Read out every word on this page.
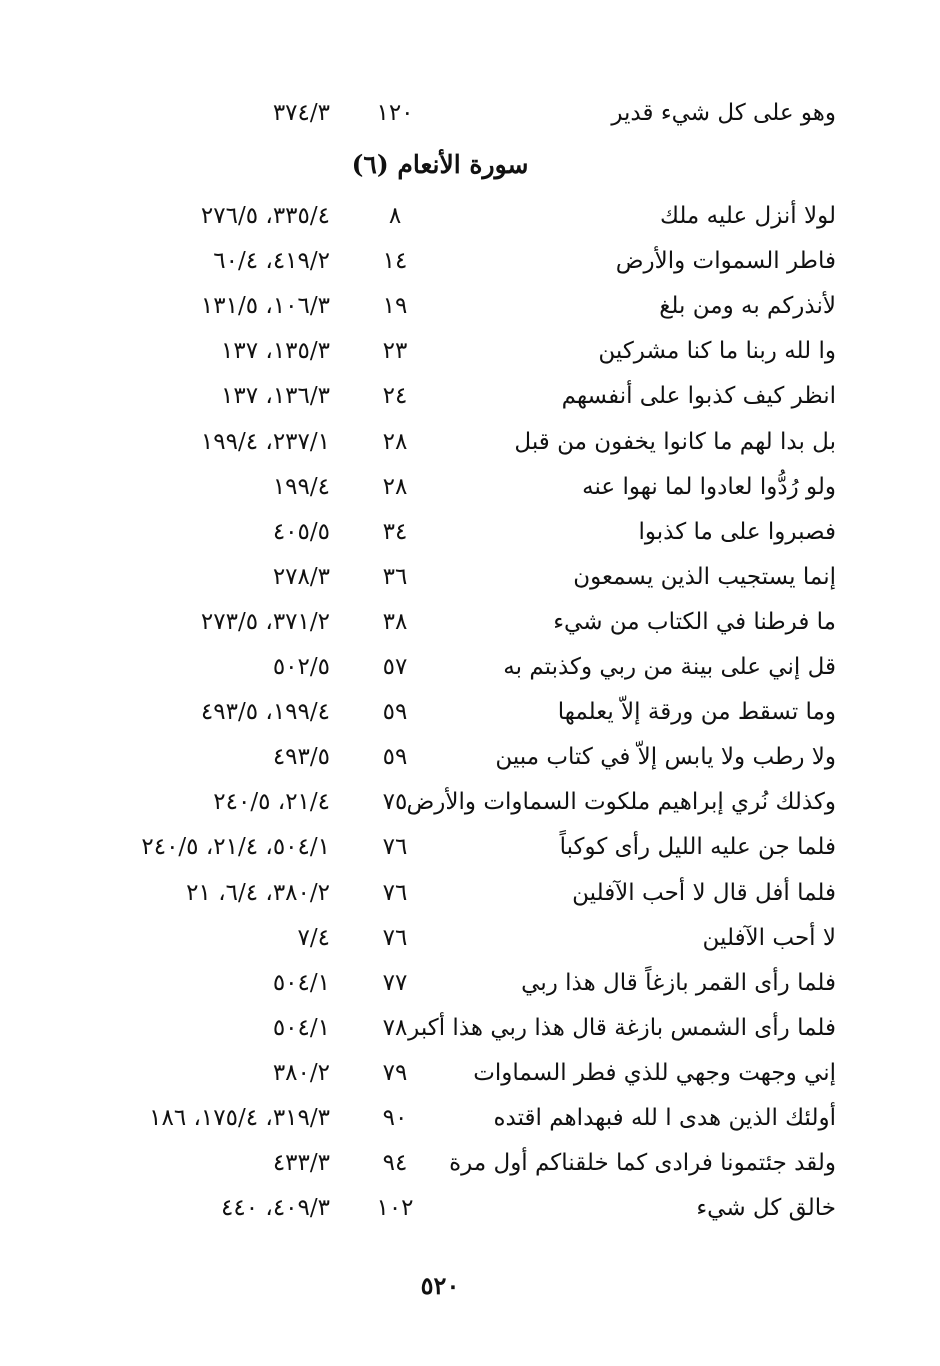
وهو على كل شيء قدير
١٢٠
٣٧٤/٣
سورة الأنعام (٦)
لولا أنزل عليه ملك
٨
٣٣٥/٤، ٢٧٦/٥
فاطر السموات والأرض
١٤
٤١٩/٢، ٦٠/٤
لأنذركم به ومن بلغ
١٩
١٠٦/٣، ١٣١/٥
وا لله ربنا ما كنا مشركين
٢٣
١٣٥/٣، ١٣٧
انظر كيف كذبوا على أنفسهم
٢٤
١٣٦/٣، ١٣٧
بل بدا لهم ما كانوا يخفون من قبل
٢٨
٢٣٧/١، ١٩٩/٤
ولو رُدُّوا لعادوا لما نهوا عنه
٢٨
١٩٩/٤
فصبروا على ما كذبوا
٣٤
٤٠٥/٥
إنما يستجيب الذين يسمعون
٣٦
٢٧٨/٣
ما فرطنا في الكتاب من شيء
٣٨
٣٧١/٢، ٢٧٣/٥
قل إني على بينة من ربي وكذبتم به
٥٧
٥٠٢/٥
وما تسقط من ورقة إلاّ يعلمها
٥٩
١٩٩/٤، ٤٩٣/٥
ولا رطب ولا يابس إلاّ في كتاب مبين
٥٩
٤٩٣/٥
وكذلك نُري إبراهيم ملكوت السماوات والأرض
٧٥
٢١/٤، ٢٤٠/٥
فلما جن عليه الليل رأى كوكباً
٧٦
٥٠٤/١، ٢١/٤، ٢٤٠/٥
فلما أفل قال لا أحب الآفلين
٧٦
٣٨٠/٢، ٦/٤، ٢١
لا أحب الآفلين
٧٦
٧/٤
فلما رأى القمر بازغاً قال هذا ربي
٧٧
٥٠٤/١
فلما رأى الشمس بازغة قال هذا ربي هذا أكبر
٧٨
٥٠٤/١
إني وجهت وجهي للذي فطر السماوات
٧٩
٣٨٠/٢
أولئك الذين هدى ا لله فبهداهم اقتده
٩٠
٣١٩/٣، ١٧٥/٤، ١٨٦
ولقد جئتمونا فرادى كما خلقناكم أول مرة
٩٤
٤٣٣/٣
خالق كل شيء
١٠٢
٤٠٩/٣، ٤٤٠
٥٢٠
